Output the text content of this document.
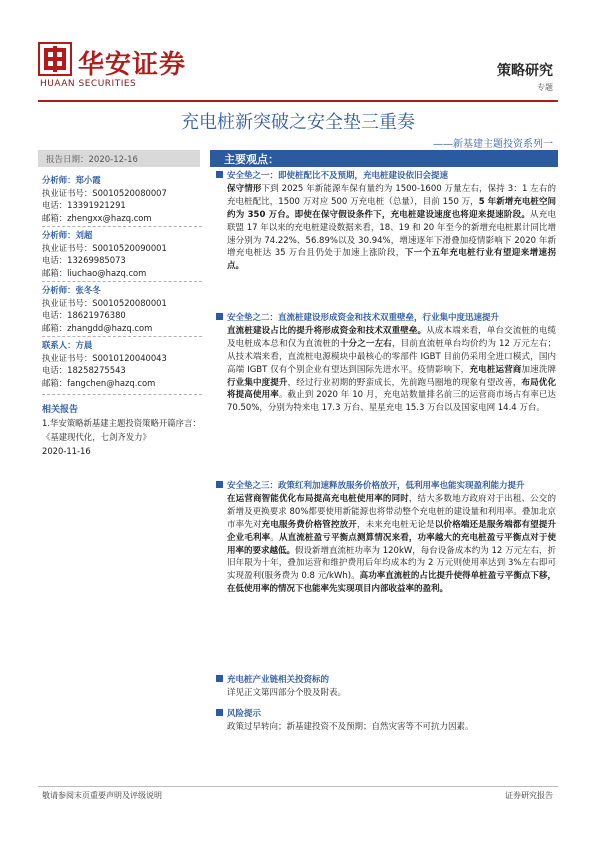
华安证券
HUAAN SECURITIES
策略研究
专题
充电桩新突破之安全垫三重奏
——新基建主题投资系列一
报告日期：2020-12-16
分析师：郑小霞
执业证书号：S0010520080007
电话：13391921291
邮箱：zhengxx@hazq.com
分析师：刘超
执业证书号：S0010520090001
电话：13269985073
邮箱：liuchao@hazq.com
分析师：张冬冬
执业证书号：S0010520080001
电话：18621976380
邮箱：zhangdd@hazq.com
联系人：方晨
执业证书号：S0010120040043
电话：18258275543
邮箱：fangchen@hazq.com
相关报告
1.华安策略新基建主题投资策略开篇序言：《基建现代化，七剑齐发力》
2020-11-16
主要观点：
安全垫之一：即使桩配比不及预期，充电桩建设依旧会提速
保守情形下到 2025 年新能源车保有量约为 1500-1600 万量左右，保持 3：1 左右的充电桩配比，1500 万对应 500 万充电桩（总量），目前 150 万，5 年新增充电桩空间约为 350 万台。即使在保守假设条件下，充电桩建设速度也将迎来提速阶段。从充电联盟 17 年以来的充电桩建设数据来看，18、19 和 20 年至今的新增充电桩累计同比增速分别为 74.22%、56.89%以及 30.94%，增速逐年下滑叠加疫情影响下 2020 年新增充电桩达 35 万台且仍处于加速上涨阶段，下一个五年充电桩行业有望迎来增速拐点。
安全垫之二：直流桩建设形成资金和技术双重壁垒，行业集中度迅速提升
直流桩建设占比的提升将形成资金和技术双重壁垒。从成本端来看，单台交流桩的电缆及电桩成本总和仅为直流桩的十分之一左右，目前直流桩单台均价约为 12 万元左右；从技术端来看，直流桩电源模块中最核心的零部件 IGBT 目前仍采用全进口模式，国内高端 IGBT 仅有个别企业有望达到国际先进水平。疫情影响下，充电桩运营商加速洗牌行业集中度提升，经过行业初期的野蛮成长，先前跑马圈地的现象有望改善，布局优化将提高使用率。截止到 2020 年 10 月，充电站数量排名前三的运营商市场占有率已达 70.50%，分别为特来电 17.3 万台、星星充电 15.3 万台以及国家电网 14.4 万台。
安全垫之三：政策红利加速释放服务价格放开，低利用率也能实现盈利能力提升
在运营商智能优化布局提高充电桩使用率的同时，结大多数地方政府对于出租、公交的新增及更换要求 80%都要使用新能源也将带动整个充电桩的建设量和利用率。叠加北京市率先对充电服务费价格管控放开，未来充电桩无论是以价格端还是服务端都有望提升企业毛利率。从直流桩盈亏平衡点测算情况来看，功率越大的充电桩盈亏平衡点对于使用率的要求越低。假设新增直流桩功率为 120kW，每台设备成本约为 12 万元左右，折旧年限为十年，叠加运营和维护费用后年均成本约为 2 万元则使用率达到 3%左右即可实现盈利(服务费为 0.8 元/kWh)。高功率直流桩的占比提升使得单桩盈亏平衡点下移，在低使用率的情况下也能率先实现项目内部收益率的盈利。
充电桩产业链相关投资标的
详见正文第四部分个股及附表。
风险提示
政策过早转向；新基建投资不及预期；自然灾害等不可抗力因素。
敬请参阅末页重要声明及评级说明	证券研究报告
